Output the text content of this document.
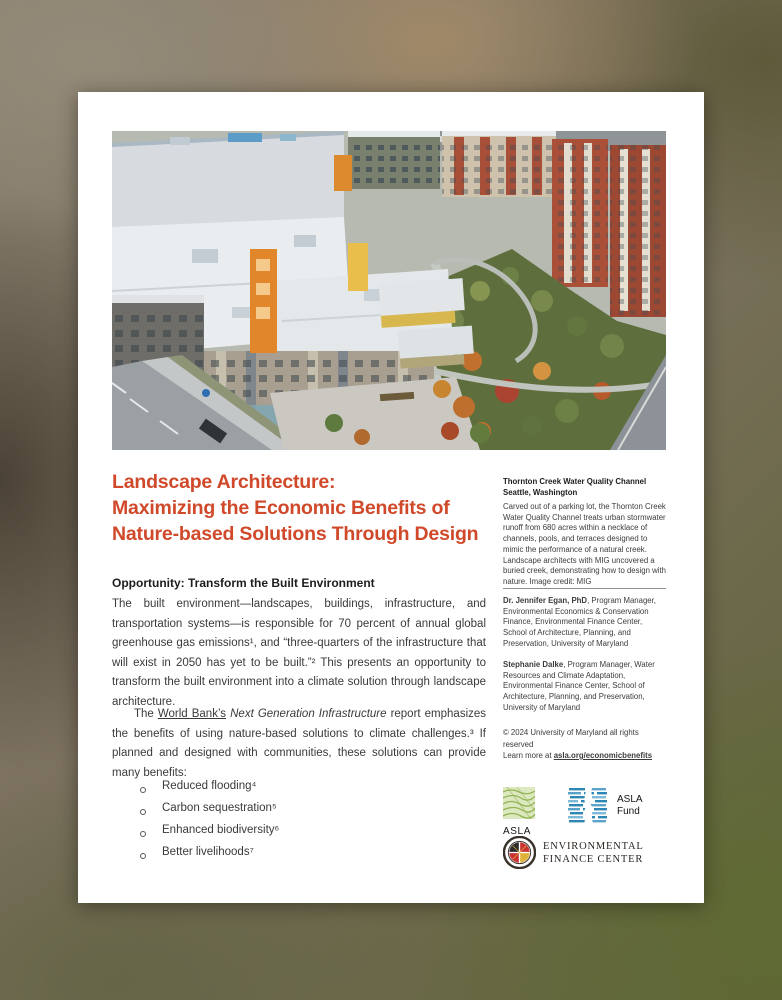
Landscape Architecture:
Maximizing the Economic Benefits of
Nature-based Solutions Through Design
Opportunity: Transform the Built Environment

The built environment—landscapes, buildings, infrastructure, and transportation systems—is responsible for 70 percent of annual global greenhouse gas emissions¹, and “three-quarters of the infrastructure that will exist in 2050 has yet to be built.”² This presents an opportunity to transform the built environment into a climate solution through landscape architecture.

The World Bank’s Next Generation Infrastructure report emphasizes the benefits of using nature-based solutions to climate challenges.³ If planned and designed with communities, these solutions can provide many benefits:

Reduced flooding⁴
Carbon sequestration⁵
Enhanced biodiversity⁶
Better livelihoods⁷
Thornton Creek Water Quality Channel Seattle, Washington
Carved out of a parking lot, the Thornton Creek Water Quality Channel treats urban stormwater runoff from 680 acres within a necklace of channels, pools, and terraces designed to mimic the performance of a natural creek. Landscape architects with MIG uncovered a buried creek, demonstrating how to design with nature. Image credit: MIG
Dr. Jennifer Egan, PhD, Program Manager, Environmental Economics & Conservation Finance, Environmental Finance Center, School of Architecture, Planning, and Preservation, University of Maryland
Stephanie Dalke, Program Manager, Water Resources and Climate Adaptation, Environmental Finance Center, School of Architecture, Planning, and Preservation, University of Maryland
© 2024 University of Maryland all rights reserved
Learn more at asla.org/economicbenefits
ASLA
ASLA
Fund
ENVIRONMENTAL
FINANCE CENTER
